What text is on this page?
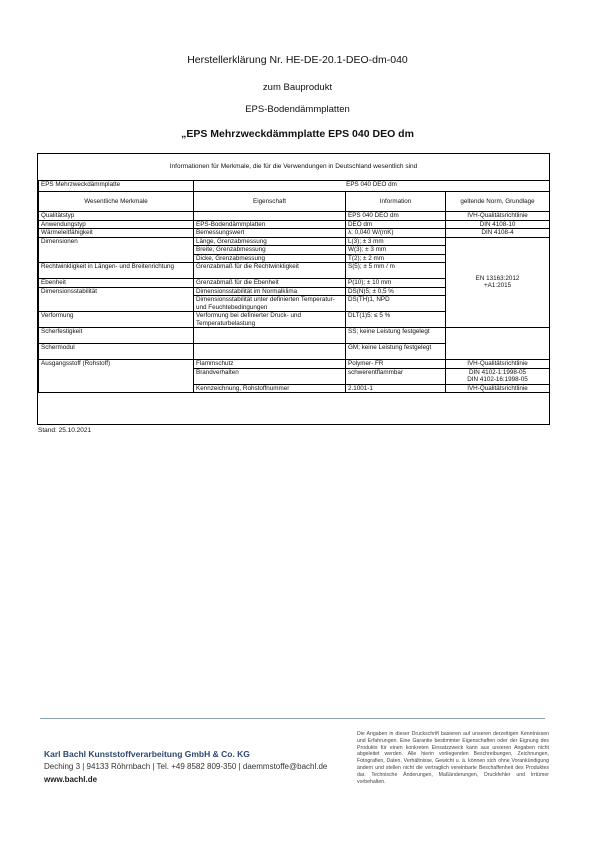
Herstellerklärung Nr. HE-DE-20.1-DEO-dm-040
zum Bauprodukt
EPS-Bodendämmplatten
„EPS Mehrzweckdämmplatte EPS 040 DEO dm
Informationen für Merkmale, die für die Verwendungen in Deutschland wesentlich sind
EPS Mehrzweckdämmplatte	EPS 040 DEO dm		
Wesentliche Merkmale	Eigenschaft	Information	geltende Norm, Grundlage
Qualitätstyp		EPS 040 DEO dm	IVH-Qualitätsrichtlinie
Anwendungstyp	EPS-Bodendämmplatten	DEO dm	DIN 4108-10
Wärmeleitfähigkeit	Bemessungswert	λ: 0,040 W/(mK)	DIN 4108-4
Dimensionen	Länge, Grenzabmessung	L(3); ± 3 mm	EN 13163:2012
+A1:2015

	Breite, Grenzabmessung	W(3); ± 3 mm	
	Dicke, Grenzabmessung	T(2); ± 2 mm	
Rechtwinkligkeit in Längen- und Breitenrichtung	Grenzabmaß für die Rechtwinkligkeit	S(5); ± 5 mm / m	
Ebenheit	Grenzabmaß für die Ebenheit	P(10); ± 10 mm	
Dimensionsstabilität	Dimensionsstabilität im Normalklima	DS(N)5; ± 0,5 %	
	Dimensionsstabilität unter definierten Temperatur- und Feuchtebedingungen	DS(TH)1, NPD	
Verformung	Verformung bei definierter Druck- und Temperaturbelastung	DLT(1)5: ≤ 5 %	
Scherfestigkeit		SS; keine Leistung festgelegt	
Schermodul		GM; keine Leistung festgelegt	
Ausgangsstoff (Rohstoff)	Flammschutz	Polymer- FR	IVH-Qualitätsrichtlinie
	Brandverhalten	schwerentflammbar	DIN 4102-1:1998-05
DIN 4102-16:1998-05

	Kennzeichnung, Rohstoffnummer	2.1001-1	IVH-Qualitätsrichtlinie
Stand: 25.10.2021
Karl Bachl Kunststoffverarbeitung GmbH & Co. KG
Deching 3 | 94133 Röhrnbach | Tel. +49 8582 809-350 | daemmstoffe@bachl.de
www.bachl.de
Die Angaben in dieser Druckschrift basieren auf unseren derzeitigen Kenntnissen und Erfahrungen. Eine Garantie bestimmter Eigenschaften oder der Eignung des Produkts für einen konkreten Einsatzzweck kann aus unseren Angaben nicht abgeleitet werden. Alle hierin vorliegenden Beschreibungen, Zeichnungen, Fotografien, Daten, Verhältnisse, Gewicht u. ä. können sich ohne Vorankündigung ändern und stellen nicht die vertraglich vereinbarte Beschaffenheit des Produktes dar. Technische Änderungen, Maßänderungen, Druckfehler und Irrtümer vorbehalten.
